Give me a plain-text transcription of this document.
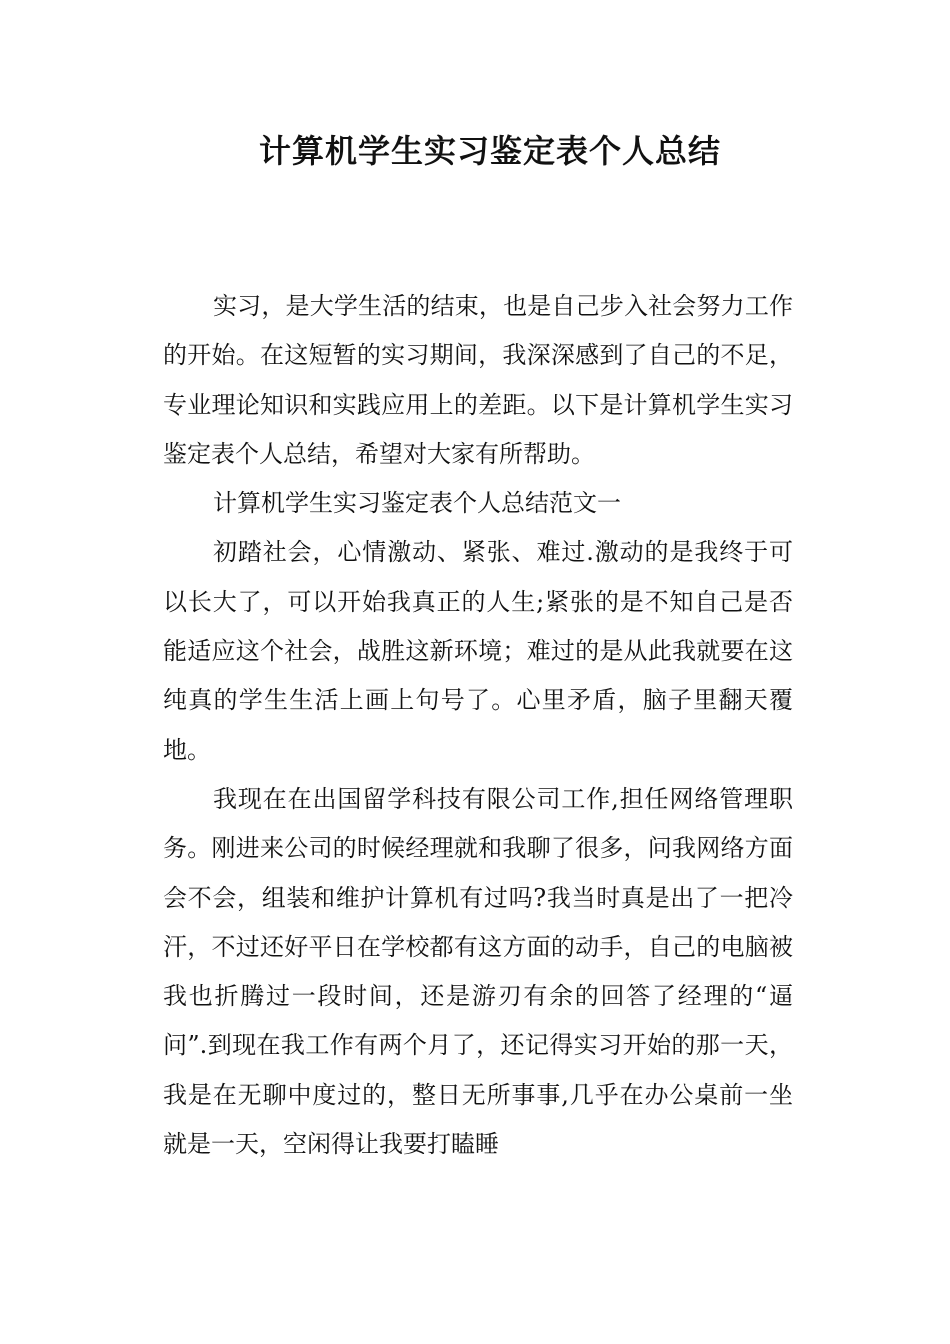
计算机学生实习鉴定表个人总结

实习，是大学生活的结束，也是自己步入社会努力工作的开始。在这短暂的实习期间，我深深感到了自己的不足，专业理论知识和实践应用上的差距。以下是计算机学生实习鉴定表个人总结，希望对大家有所帮助。

计算机学生实习鉴定表个人总结范文一

初踏社会，心情激动、紧张、难过.激动的是我终于可以长大了，可以开始我真正的人生;紧张的是不知自己是否能适应这个社会，战胜这新环境；难过的是从此我就要在这纯真的学生生活上画上句号了。心里矛盾，脑子里翻天覆地。

我现在在出国留学科技有限公司工作,担任网络管理职务。刚进来公司的时候经理就和我聊了很多，问我网络方面会不会，组装和维护计算机有过吗?我当时真是出了一把冷汗，不过还好平日在学校都有这方面的动手，自己的电脑被我也折腾过一段时间，还是游刃有余的回答了经理的“逼问”.到现在我工作有两个月了，还记得实习开始的那一天，我是在无聊中度过的，整日无所事事,几乎在办公桌前一坐就是一天，空闲得让我要打瞌睡
